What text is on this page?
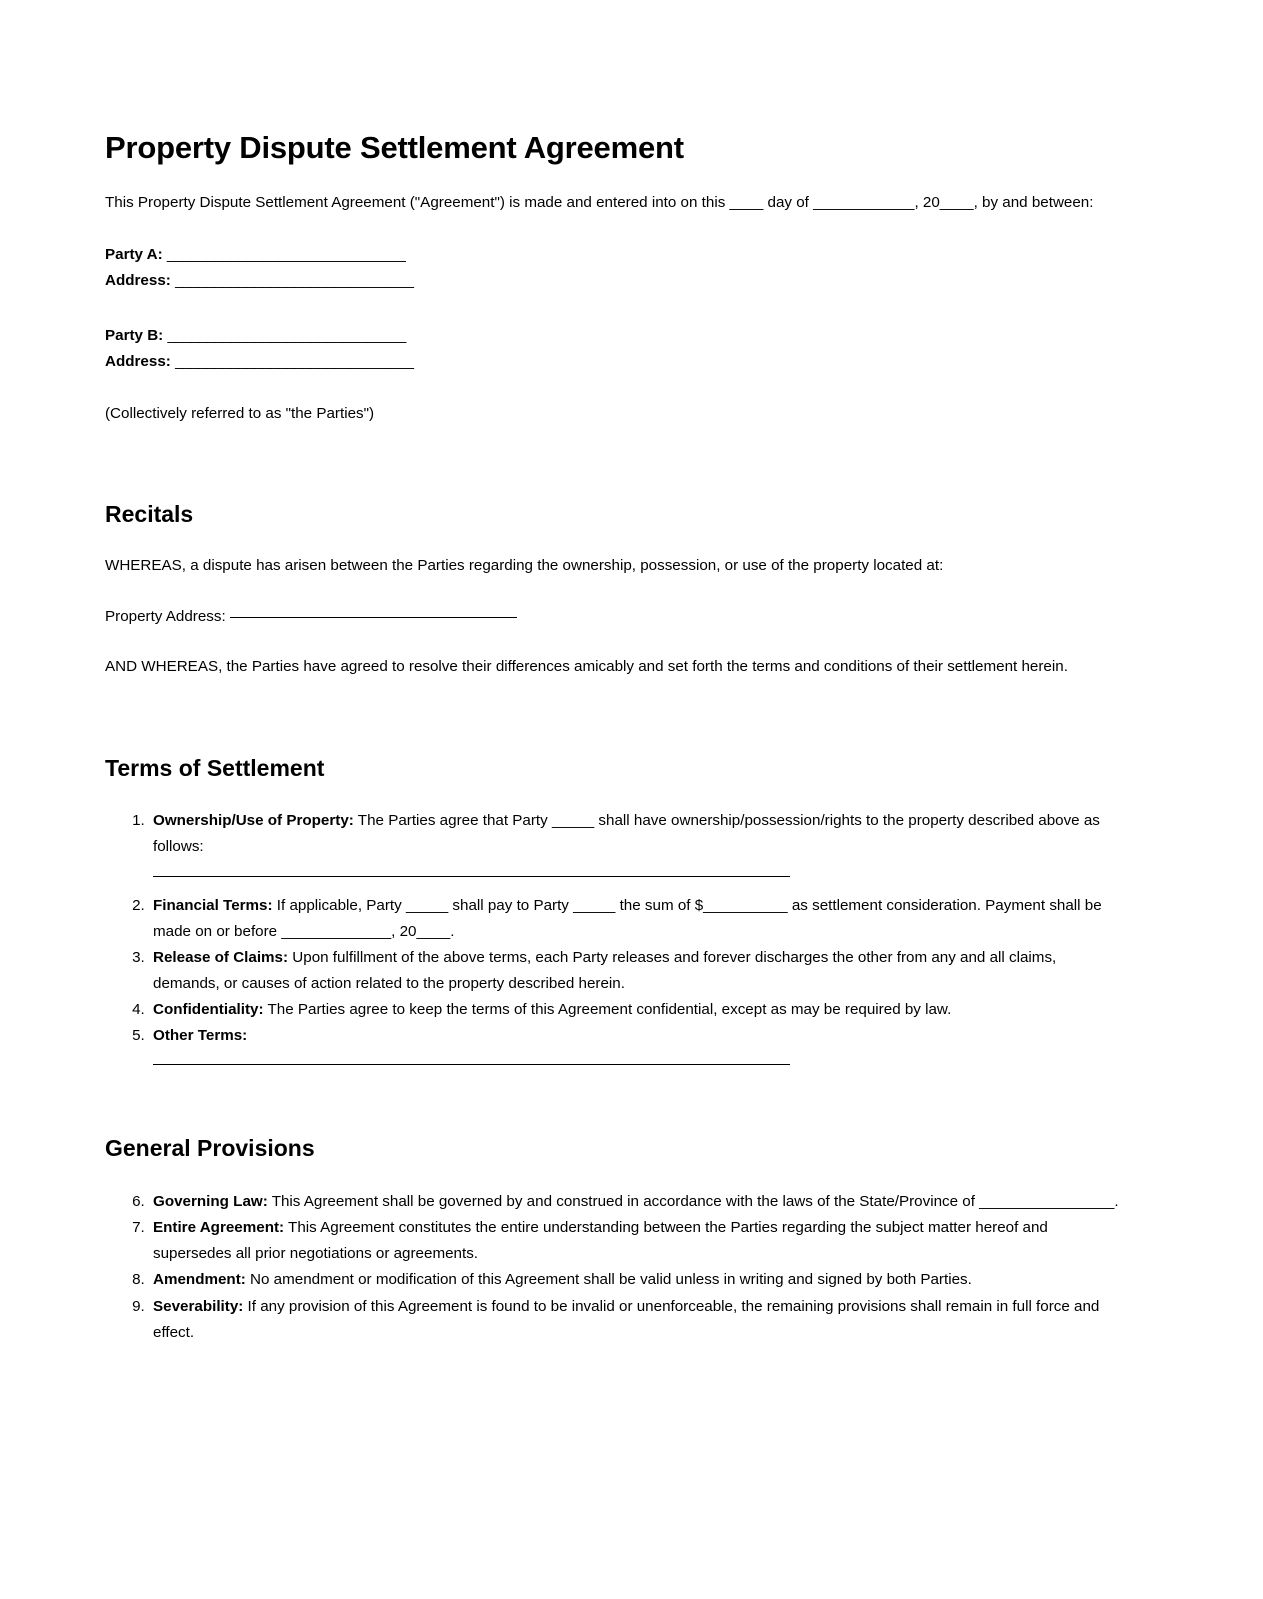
Property Dispute Settlement Agreement

This Property Dispute Settlement Agreement ("Agreement") is made and entered into on this ____ day of ____________, 20____, by and between:

Party A: ______________________________

Address: ______________________________

Party B: ______________________________

Address: ______________________________

(Collectively referred to as "the Parties")

Recitals

WHEREAS, a dispute has arisen between the Parties regarding the ownership, possession, or use of the property located at:

Property Address:

AND WHEREAS, the Parties have agreed to resolve their differences amicably and set forth the terms and conditions of their settlement herein.

Terms of Settlement
1. Ownership/Use of Property: The Parties agree that Party _____ shall have ownership/possession/rights to the property described above as follows:
2. Financial Terms: If applicable, Party _____ shall pay to Party _____ the sum of $__________ as settlement consideration. Payment shall be made on or before _____________, 20____.
3. Release of Claims: Upon fulfillment of the above terms, each Party releases and forever discharges the other from any and all claims, demands, or causes of action related to the property described herein.
4. Confidentiality: The Parties agree to keep the terms of this Agreement confidential, except as may be required by law.
5. Other Terms:
General Provisions
6. Governing Law: This Agreement shall be governed by and construed in accordance with the laws of the State/Province of ________________.
7. Entire Agreement: This Agreement constitutes the entire understanding between the Parties regarding the subject matter hereof and supersedes all prior negotiations or agreements.
8. Amendment: No amendment or modification of this Agreement shall be valid unless in writing and signed by both Parties.
9. Severability: If any provision of this Agreement is found to be invalid or unenforceable, the remaining provisions shall remain in full force and effect.
